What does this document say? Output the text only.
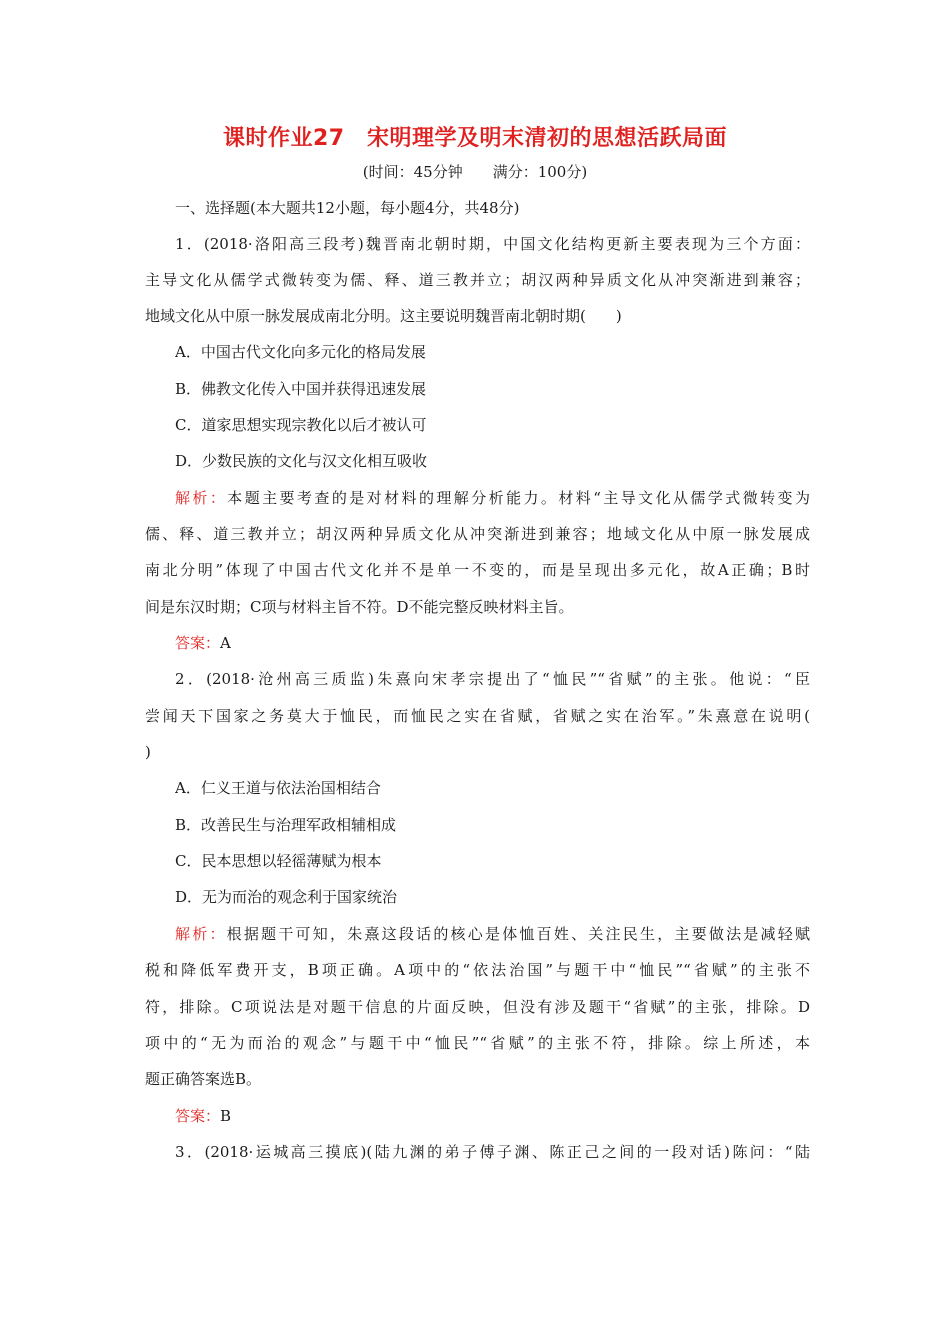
课时作业27　宋明理学及明末清初的思想活跃局面
(时间：45分钟　　满分：100分)
一、选择题(本大题共12小题，每小题4分，共48分)
1．(2018·洛阳高三段考)魏晋南北朝时期，中国文化结构更新主要表现为三个方面：
主导文化从儒学式微转变为儒、释、道三教并立；胡汉两种异质文化从冲突渐进到兼容；
地域文化从中原一脉发展成南北分明。这主要说明魏晋南北朝时期(　　)
A．中国古代文化向多元化的格局发展
B．佛教文化传入中国并获得迅速发展
C．道家思想实现宗教化以后才被认可
D．少数民族的文化与汉文化相互吸收
解析：本题主要考查的是对材料的理解分析能力。材料“主导文化从儒学式微转变为
儒、释、道三教并立；胡汉两种异质文化从冲突渐进到兼容；地域文化从中原一脉发展成
南北分明”体现了中国古代文化并不是单一不变的，而是呈现出多元化，故A正确；B时
间是东汉时期；C项与材料主旨不符。D不能完整反映材料主旨。
答案：A
2．(2018·沧州高三质监)朱熹向宋孝宗提出了“恤民”“省赋”的主张。他说：“臣
尝闻天下国家之务莫大于恤民，而恤民之实在省赋，省赋之实在治军。”朱熹意在说明(
)
A．仁义王道与依法治国相结合
B．改善民生与治理军政相辅相成
C．民本思想以轻徭薄赋为根本
D．无为而治的观念利于国家统治
解析：根据题干可知，朱熹这段话的核心是体恤百姓、关注民生，主要做法是减轻赋
税和降低军费开支，B项正确。A项中的“依法治国”与题干中“恤民”“省赋”的主张不
符，排除。C项说法是对题干信息的片面反映，但没有涉及题干“省赋”的主张，排除。D
项中的“无为而治的观念”与题干中“恤民”“省赋”的主张不符，排除。综上所述，本
题正确答案选B。
答案：B
3．(2018·运城高三摸底)(陆九渊的弟子傅子渊、陈正己之间的一段对话)陈问：“陆
